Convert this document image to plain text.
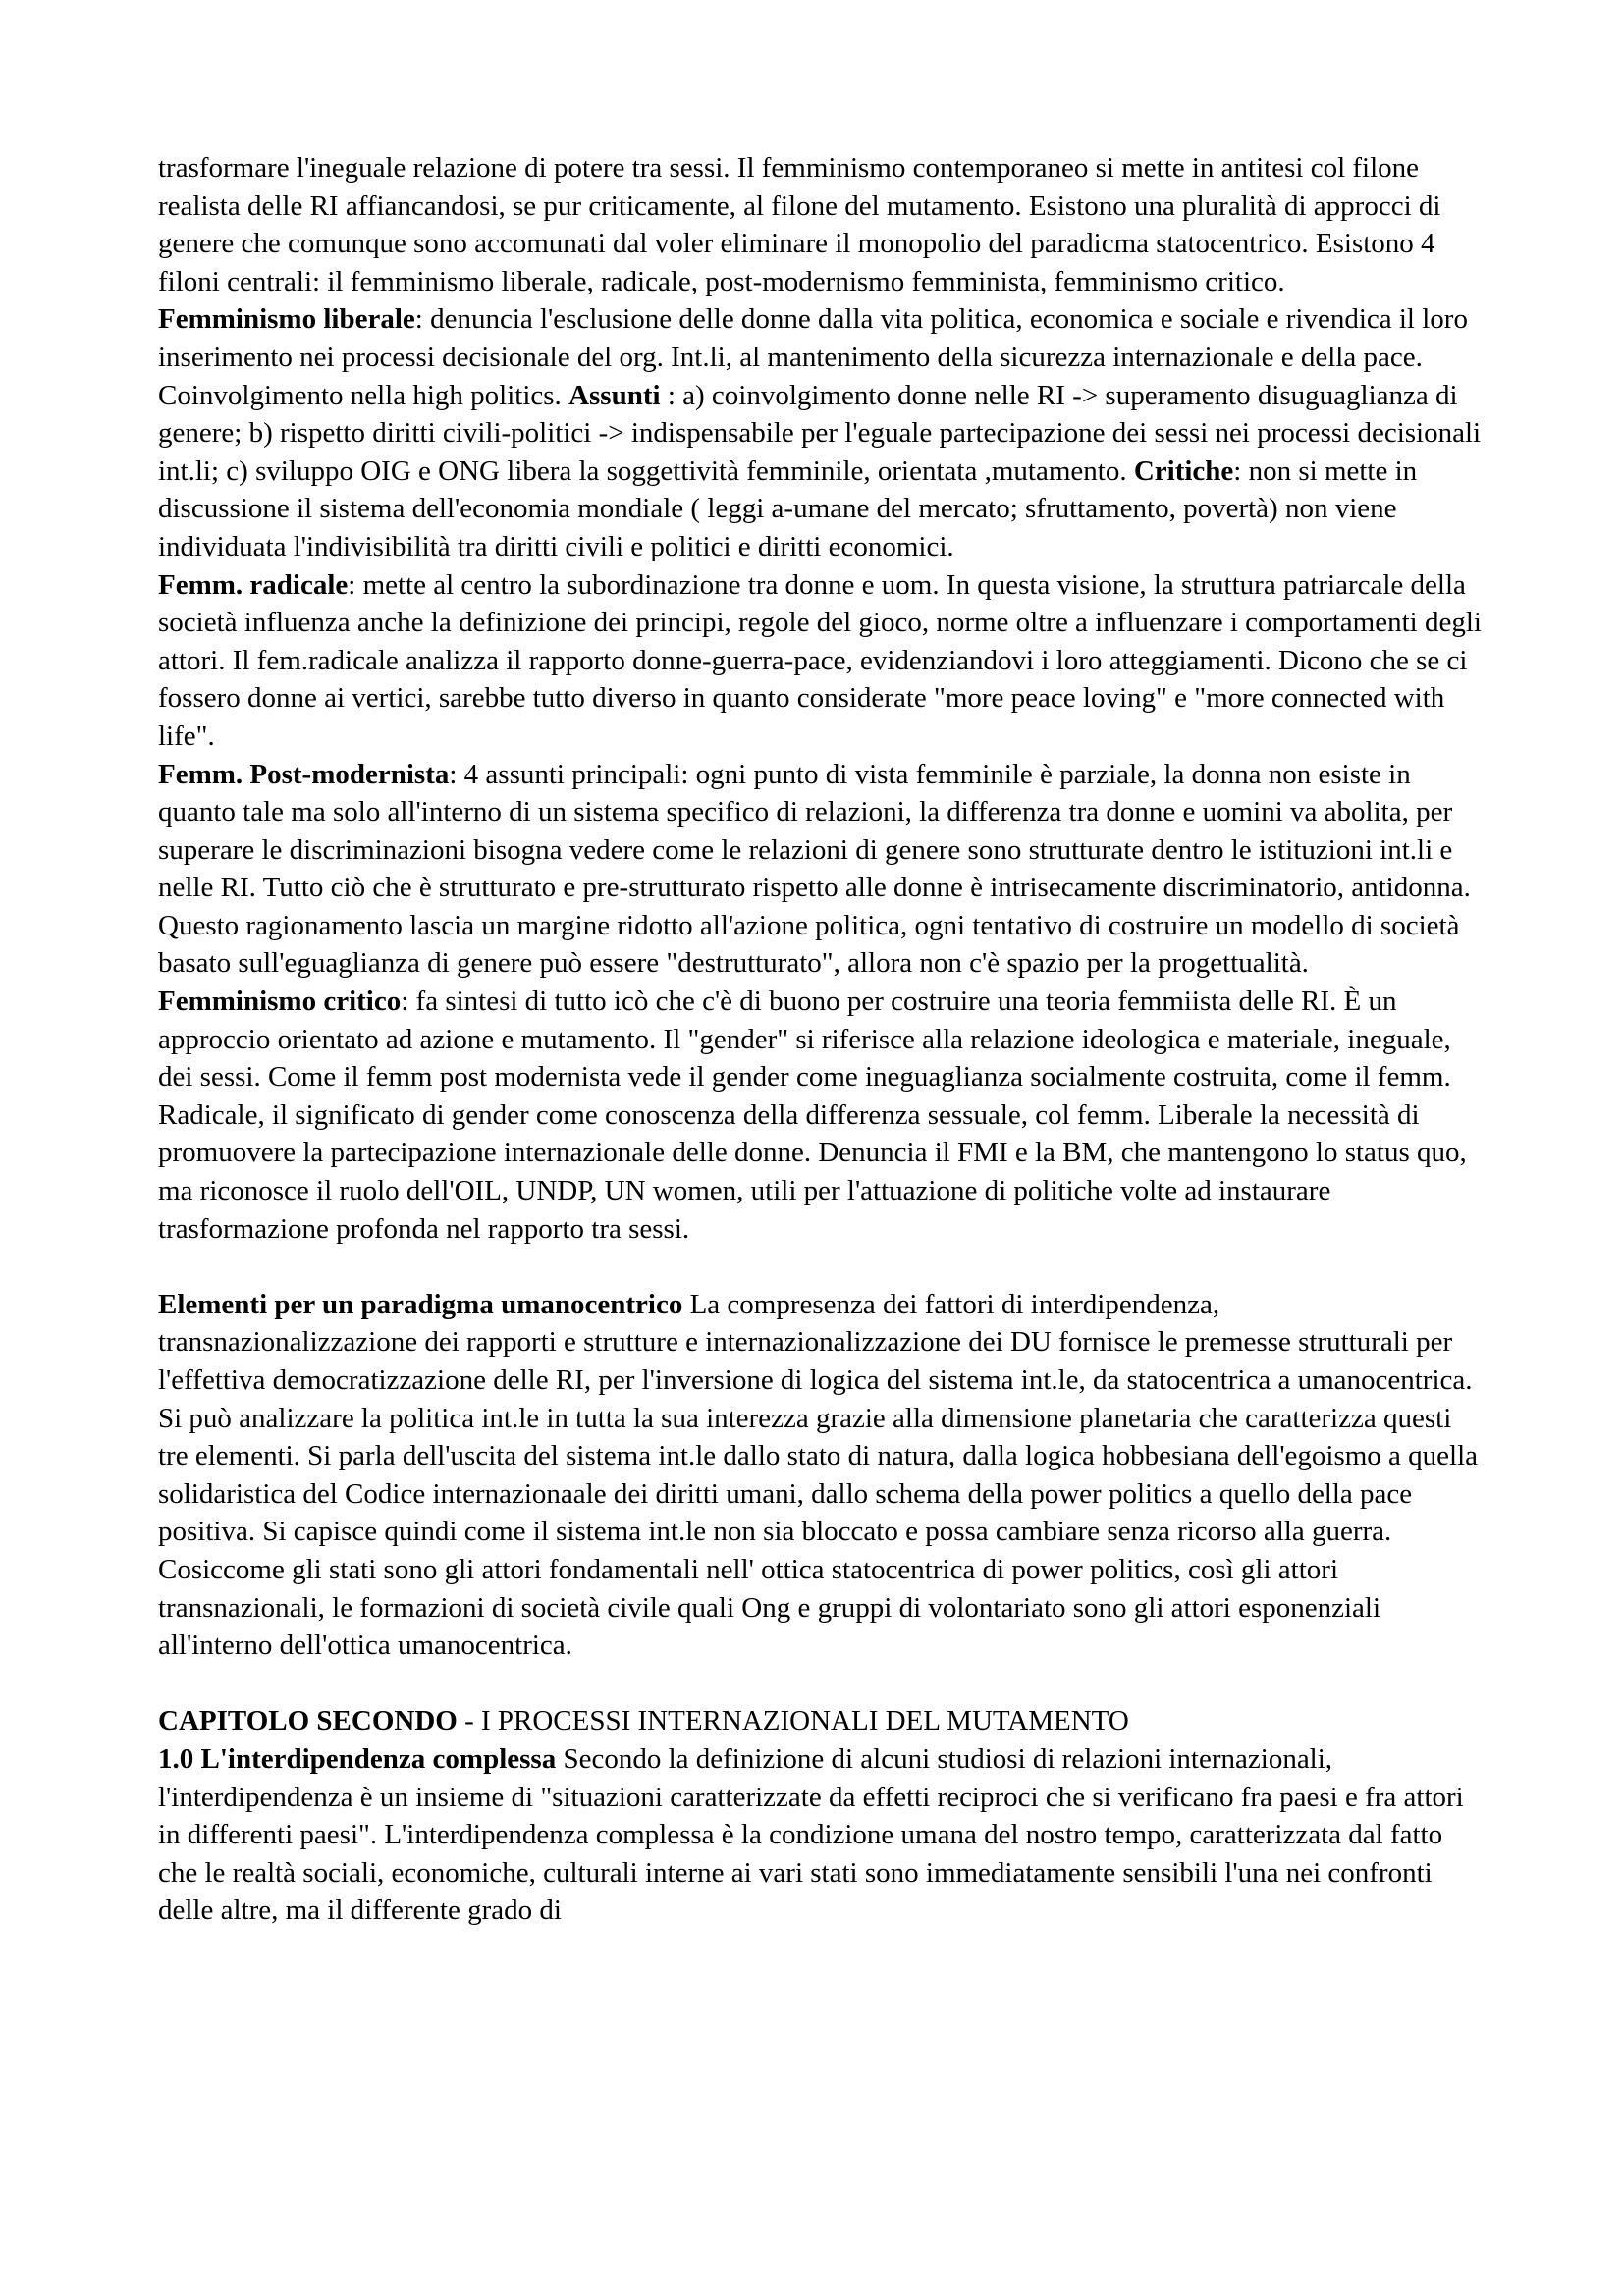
trasformare l'ineguale relazione di potere tra sessi. Il femminismo contemporaneo si mette in antitesi col filone realista delle RI affiancandosi, se pur criticamente, al filone del mutamento. Esistono una pluralità di approcci di genere che comunque sono accomunati dal voler eliminare il monopolio del paradicma statocentrico. Esistono 4 filoni centrali: il femminismo liberale, radicale, post-modernismo femminista, femminismo critico.

Femminismo liberale: denuncia l'esclusione delle donne dalla vita politica, economica e sociale e rivendica il loro inserimento nei processi decisionale del org. Int.li, al mantenimento della sicurezza internazionale e della pace. Coinvolgimento nella high politics. Assunti : a) coinvolgimento donne nelle RI -> superamento disuguaglianza di genere; b) rispetto diritti civili-politici -> indispensabile per l'eguale partecipazione dei sessi nei processi decisionali int.li; c) sviluppo OIG e ONG libera la soggettività femminile, orientata ,mutamento. Critiche: non si mette in discussione il sistema dell'economia mondiale ( leggi a-umane del mercato; sfruttamento, povertà) non viene individuata l'indivisibilità tra diritti civili e politici e diritti economici.

Femm. radicale: mette al centro la subordinazione tra donne e uom. In questa visione, la struttura patriarcale della società influenza anche la definizione dei principi, regole del gioco, norme oltre a influenzare i comportamenti degli attori. Il fem.radicale analizza il rapporto donne-guerra-pace, evidenziandovi i loro atteggiamenti. Dicono che se ci fossero donne ai vertici, sarebbe tutto diverso in quanto considerate "more peace loving" e "more connected with life".

Femm. Post-modernista: 4 assunti principali: ogni punto di vista femminile è parziale, la donna non esiste in quanto tale ma solo all'interno di un sistema specifico di relazioni, la differenza tra donne e uomini va abolita, per superare le discriminazioni bisogna vedere come le relazioni di genere sono strutturate dentro le istituzioni int.li e nelle RI. Tutto ciò che è strutturato e pre-strutturato rispetto alle donne è intrisecamente discriminatorio, antidonna. Questo ragionamento lascia un margine ridotto all'azione politica, ogni tentativo di costruire un modello di società basato sull'eguaglianza di genere può essere "destrutturato", allora non c'è spazio per la progettualità.

Femminismo critico: fa sintesi di tutto icò che c'è di buono per costruire una teoria femmiista delle RI. È un approccio orientato ad azione e mutamento. Il "gender" si riferisce alla relazione ideologica e materiale, ineguale, dei sessi. Come il femm post modernista vede il gender come ineguaglianza socialmente costruita, come il femm. Radicale, il significato di gender come conoscenza della differenza sessuale, col femm. Liberale la necessità di promuovere la partecipazione internazionale delle donne. Denuncia il FMI e la BM, che mantengono lo status quo, ma riconosce il ruolo dell'OIL, UNDP, UN women, utili per l'attuazione di politiche volte ad instaurare trasformazione profonda nel rapporto tra sessi.

Elementi per un paradigma umanocentrico La compresenza dei fattori di interdipendenza, transnazionalizzazione dei rapporti e strutture e internazionalizzazione dei DU fornisce le premesse strutturali per l'effettiva democratizzazione delle RI, per l'inversione di logica del sistema int.le, da statocentrica a umanocentrica. Si può analizzare la politica int.le in tutta la sua interezza grazie alla dimensione planetaria che caratterizza questi tre elementi. Si parla dell'uscita del sistema int.le dallo stato di natura, dalla logica hobbesiana dell'egoismo a quella solidaristica del Codice internazionaale dei diritti umani, dallo schema della power politics a quello della pace positiva. Si capisce quindi come il sistema int.le non sia bloccato e possa cambiare senza ricorso alla guerra. Cosiccome gli stati sono gli attori fondamentali nell' ottica statocentrica di power politics, così gli attori transnazionali, le formazioni di società civile quali Ong e gruppi di volontariato sono gli attori esponenziali all'interno dell'ottica umanocentrica.

CAPITOLO SECONDO - I PROCESSI INTERNAZIONALI DEL MUTAMENTO

1.0 L'interdipendenza complessa Secondo la definizione di alcuni studiosi di relazioni internazionali, l'interdipendenza è un insieme di "situazioni caratterizzate da effetti reciproci che si verificano fra paesi e fra attori in differenti paesi". L'interdipendenza complessa è la condizione umana del nostro tempo, caratterizzata dal fatto che le realtà sociali, economiche, culturali interne ai vari stati sono immediatamente sensibili l'una nei confronti delle altre, ma il differente grado di
